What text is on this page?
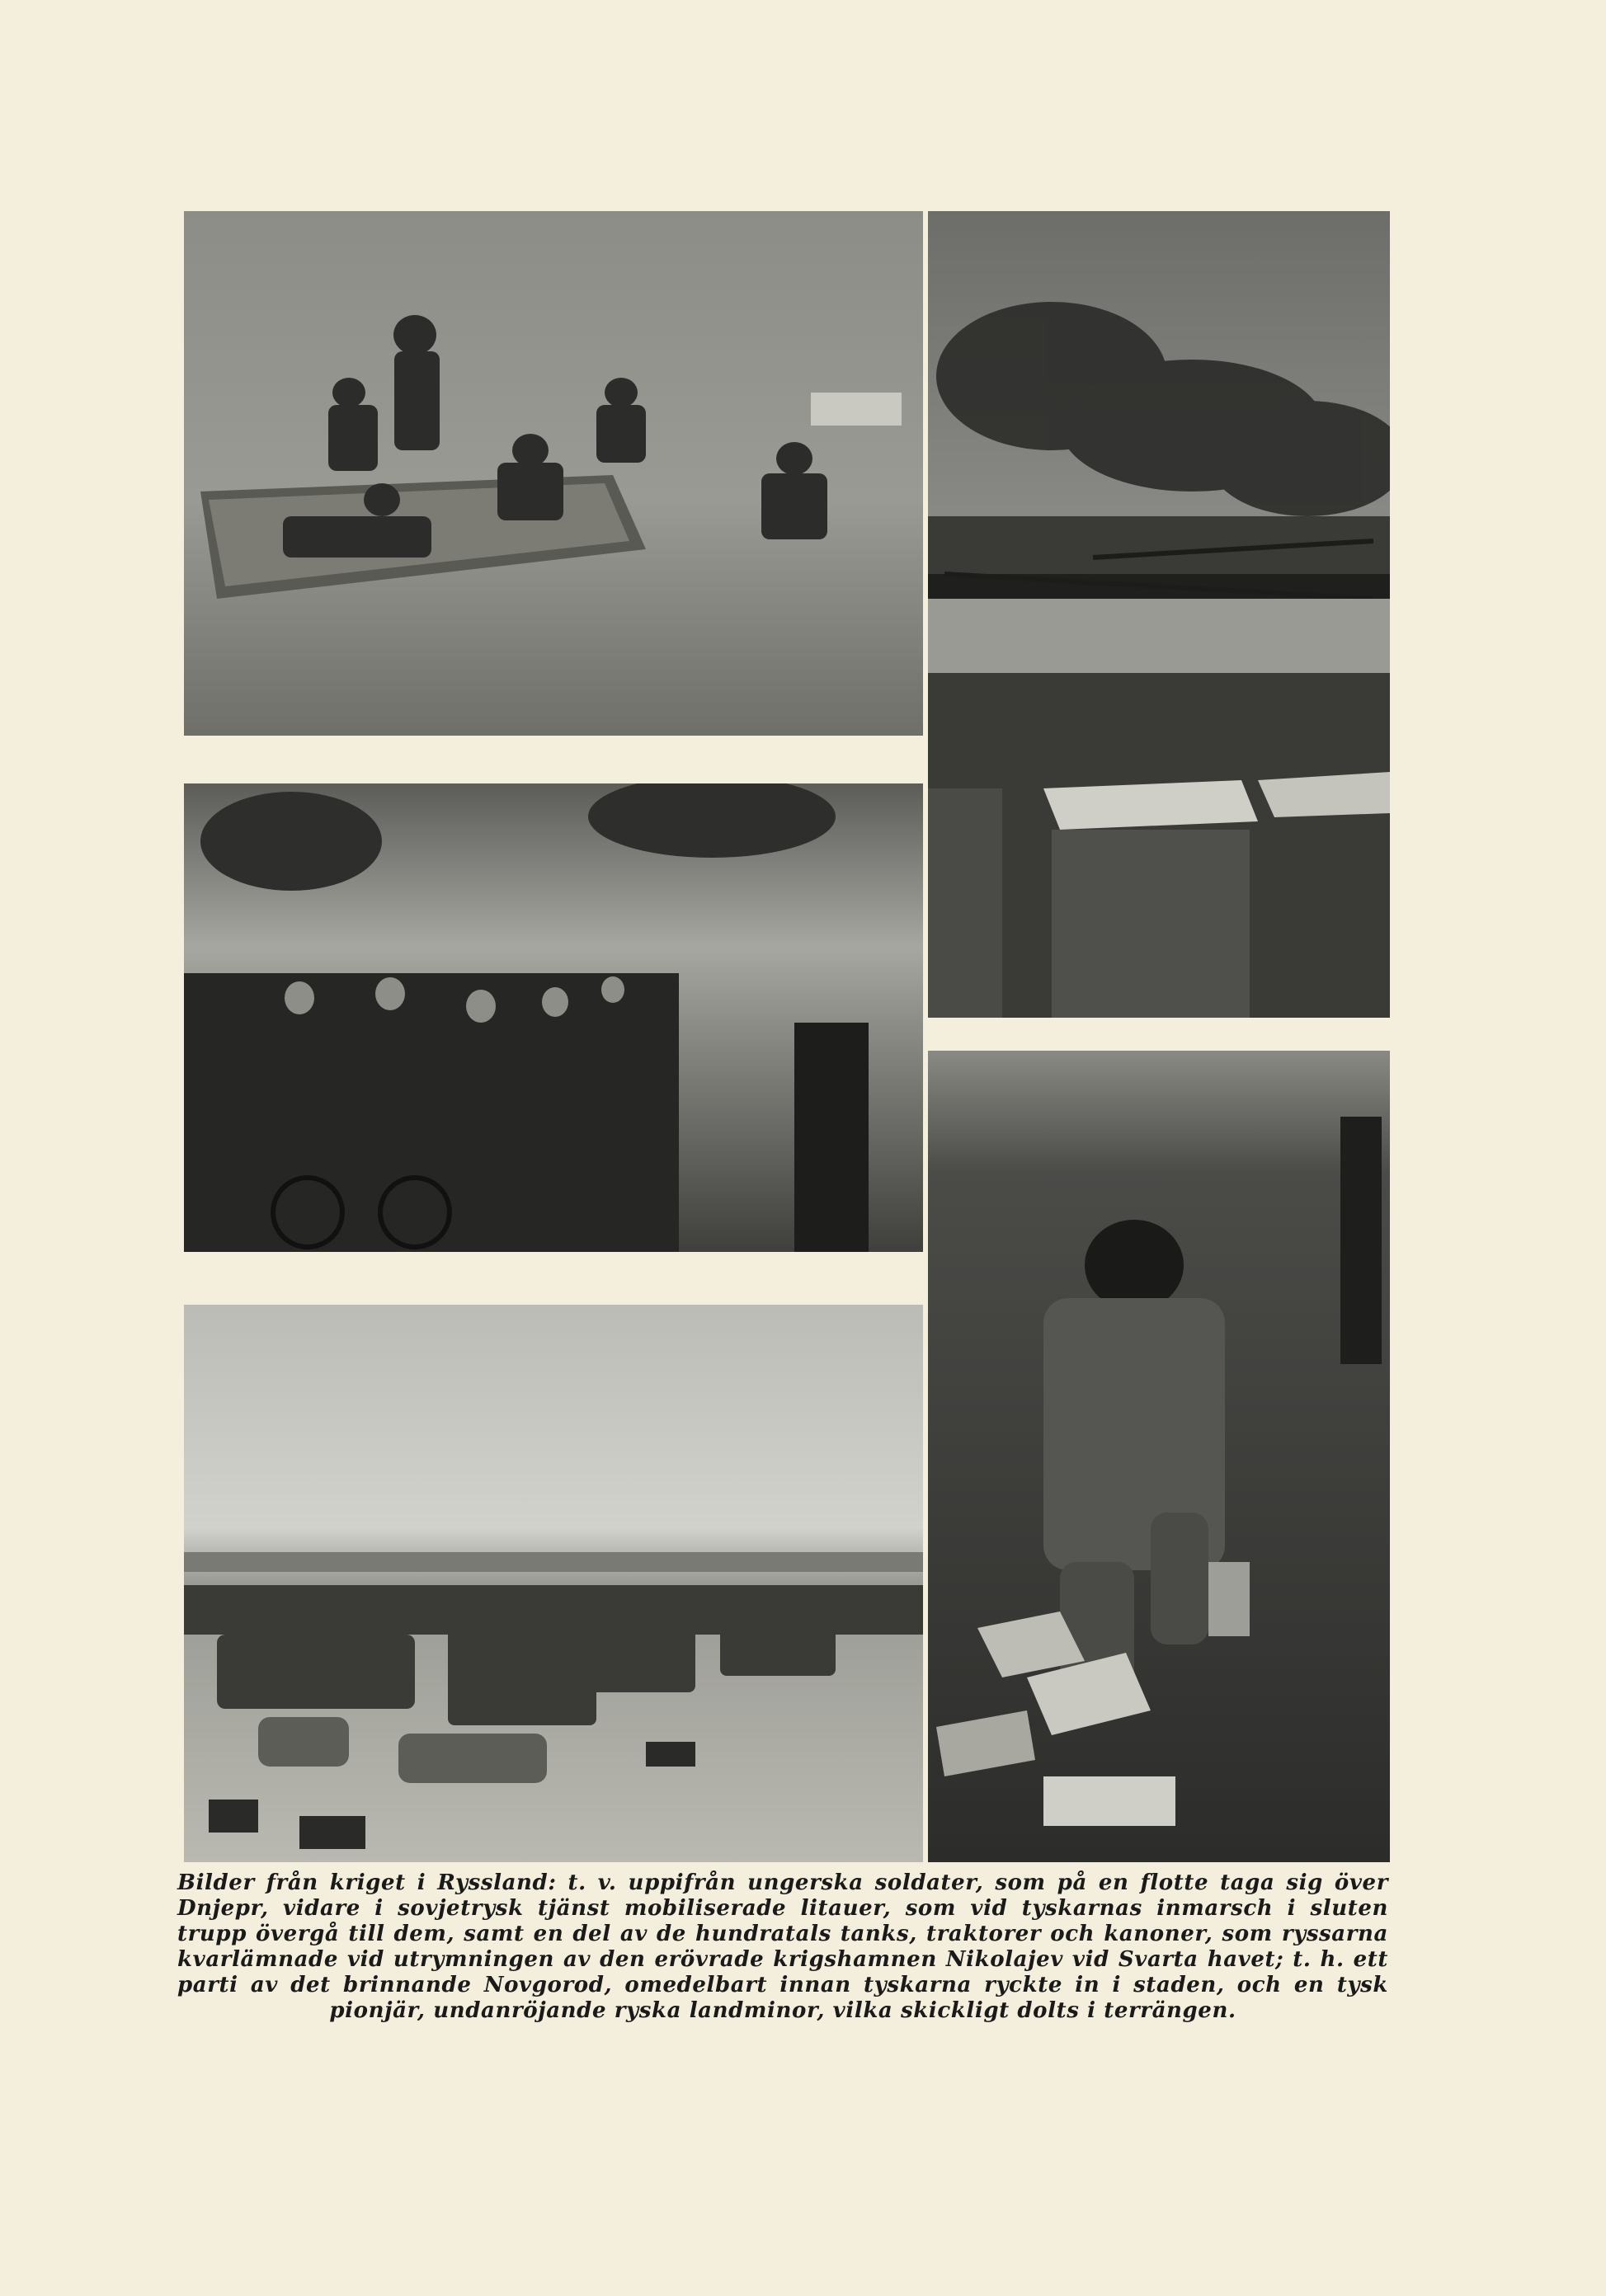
Bilder från kriget i Ryssland: t. v. uppifrån ungerska soldater, som på en flotte taga sig över Dnjepr, vidare i sovjetrysk tjänst mobiliserade litauer, som vid tyskarnas inmarsch i sluten trupp övergå till dem, samt en del av de hundratals tanks, traktorer och kanoner, som ryssarna kvarlämnade vid utrymningen av den erövrade krigshamnen Nikolajev vid Svarta havet; t. h. ett parti av det brinnande Novgorod, omedelbart innan tyskarna ryckte in i staden, och en tysk pionjär, undanröjande ryska landminor, vilka skickligt dolts i terrängen.
